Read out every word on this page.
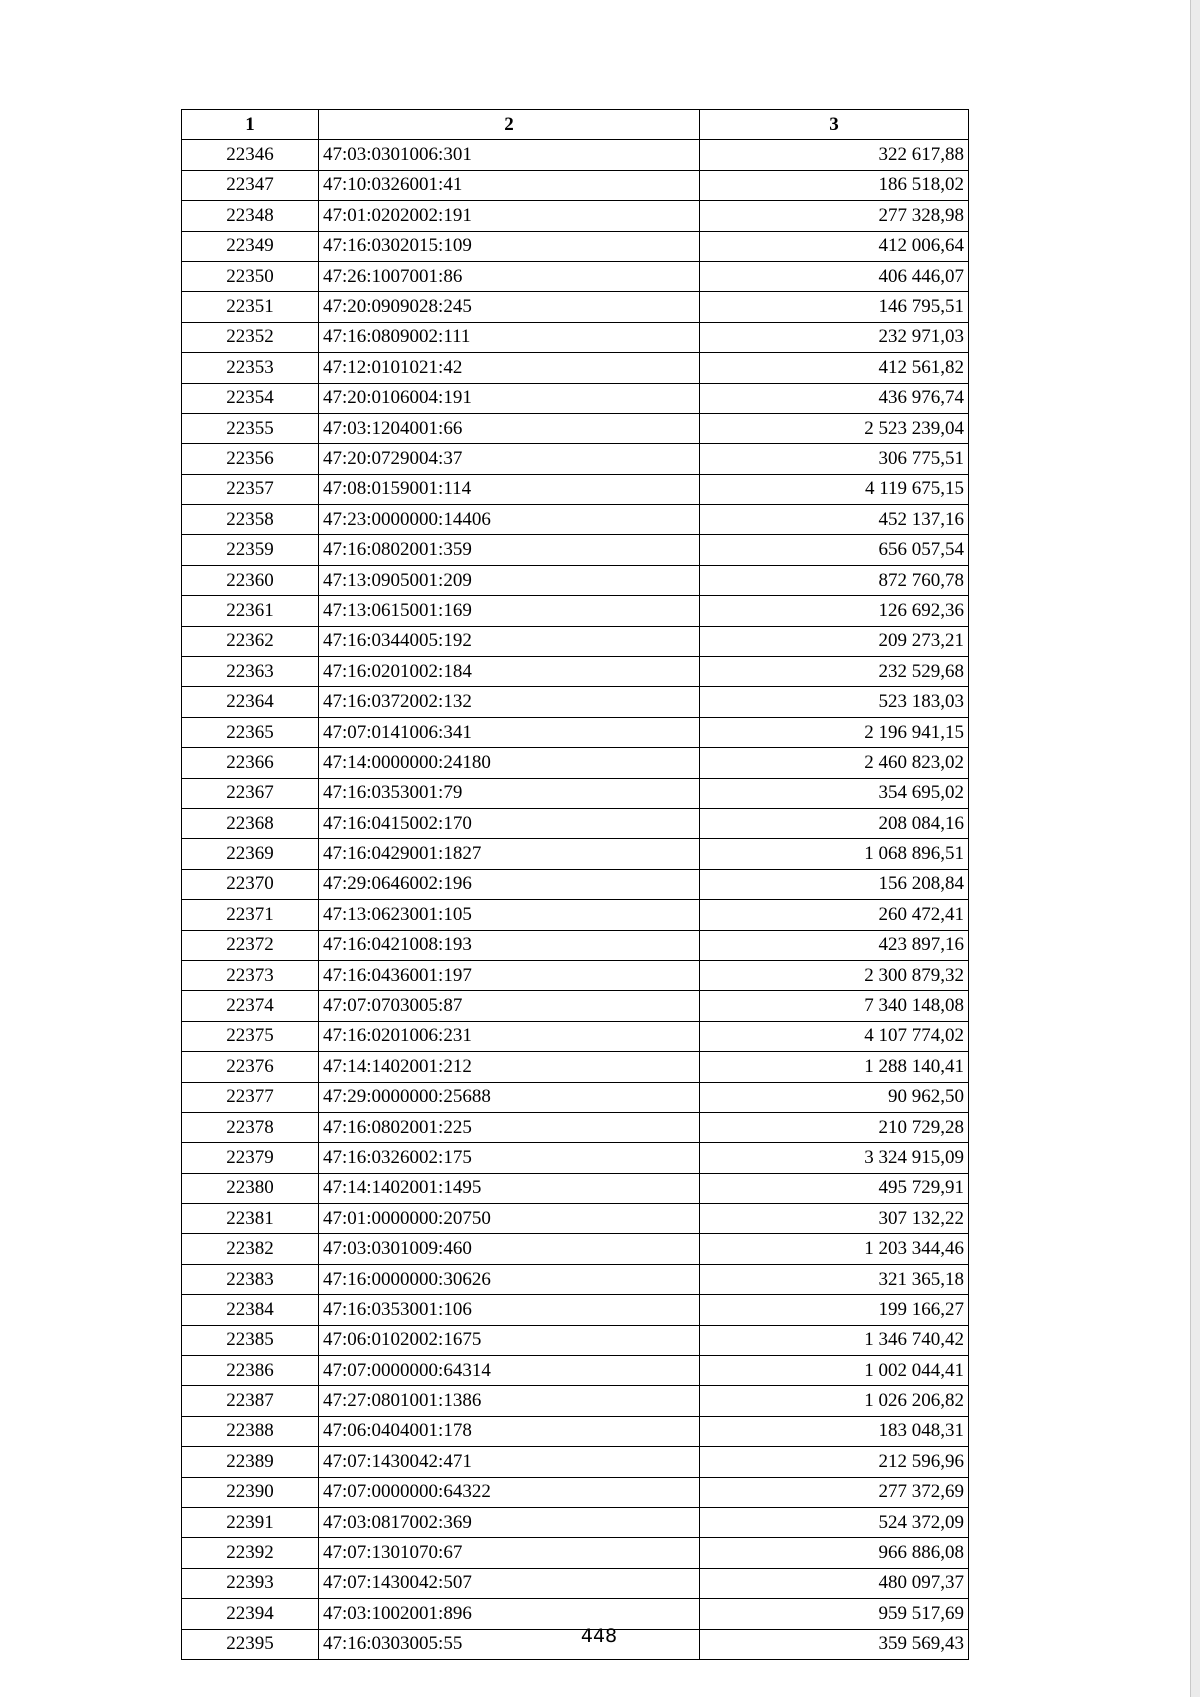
1	2	3
22346	47:03:0301006:301	322 617,88
22347	47:10:0326001:41	186 518,02
22348	47:01:0202002:191	277 328,98
22349	47:16:0302015:109	412 006,64
22350	47:26:1007001:86	406 446,07
22351	47:20:0909028:245	146 795,51
22352	47:16:0809002:111	232 971,03
22353	47:12:0101021:42	412 561,82
22354	47:20:0106004:191	436 976,74
22355	47:03:1204001:66	2 523 239,04
22356	47:20:0729004:37	306 775,51
22357	47:08:0159001:114	4 119 675,15
22358	47:23:0000000:14406	452 137,16
22359	47:16:0802001:359	656 057,54
22360	47:13:0905001:209	872 760,78
22361	47:13:0615001:169	126 692,36
22362	47:16:0344005:192	209 273,21
22363	47:16:0201002:184	232 529,68
22364	47:16:0372002:132	523 183,03
22365	47:07:0141006:341	2 196 941,15
22366	47:14:0000000:24180	2 460 823,02
22367	47:16:0353001:79	354 695,02
22368	47:16:0415002:170	208 084,16
22369	47:16:0429001:1827	1 068 896,51
22370	47:29:0646002:196	156 208,84
22371	47:13:0623001:105	260 472,41
22372	47:16:0421008:193	423 897,16
22373	47:16:0436001:197	2 300 879,32
22374	47:07:0703005:87	7 340 148,08
22375	47:16:0201006:231	4 107 774,02
22376	47:14:1402001:212	1 288 140,41
22377	47:29:0000000:25688	90 962,50
22378	47:16:0802001:225	210 729,28
22379	47:16:0326002:175	3 324 915,09
22380	47:14:1402001:1495	495 729,91
22381	47:01:0000000:20750	307 132,22
22382	47:03:0301009:460	1 203 344,46
22383	47:16:0000000:30626	321 365,18
22384	47:16:0353001:106	199 166,27
22385	47:06:0102002:1675	1 346 740,42
22386	47:07:0000000:64314	1 002 044,41
22387	47:27:0801001:1386	1 026 206,82
22388	47:06:0404001:178	183 048,31
22389	47:07:1430042:471	212 596,96
22390	47:07:0000000:64322	277 372,69
22391	47:03:0817002:369	524 372,09
22392	47:07:1301070:67	966 886,08
22393	47:07:1430042:507	480 097,37
22394	47:03:1002001:896	959 517,69
22395	47:16:0303005:55	359 569,43
448
